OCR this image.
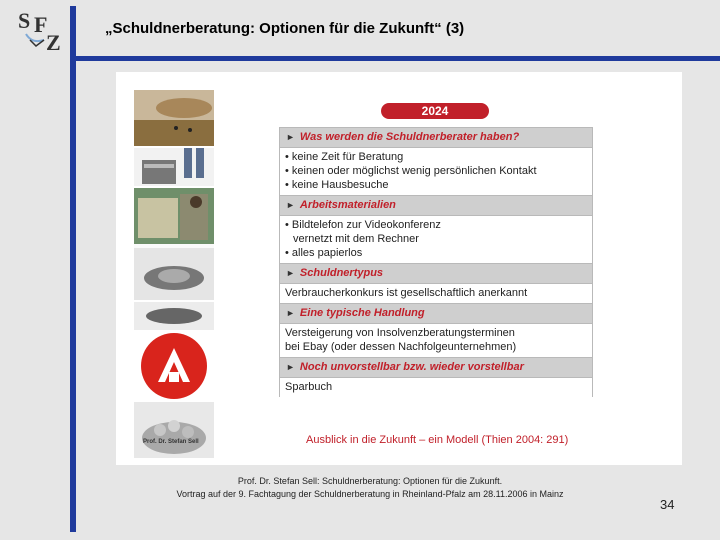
S F
Z
„Schuldnerberatung: Optionen für die Zukunft“ (3)
Prof. Dr. Stefan Sell
2024
► Was werden die Schuldnerberater haben?
• keine Zeit für Beratung
• keinen oder möglichst wenig persönlichen Kontakt
• keine Hausbesuche
► Arbeitsmaterialien
• Bildtelefon zur Videokonferenz
vernetzt mit dem Rechner
• alles papierlos
► Schuldnertypus
Verbraucherkonkurs ist gesellschaftlich anerkannt
► Eine typische Handlung
Versteigerung von Insolvenzberatungsterminen
bei Ebay (oder dessen Nachfolgeunternehmen)
► Noch unvorstellbar bzw. wieder vorstellbar
Sparbuch
Ausblick in die Zukunft – ein Modell (Thien 2004: 291)
Prof. Dr. Stefan Sell: Schuldnerberatung: Optionen für die Zukunft.
Vortrag auf der 9. Fachtagung der Schuldnerberatung in Rheinland-Pfalz am 28.11.2006 in Mainz
34
